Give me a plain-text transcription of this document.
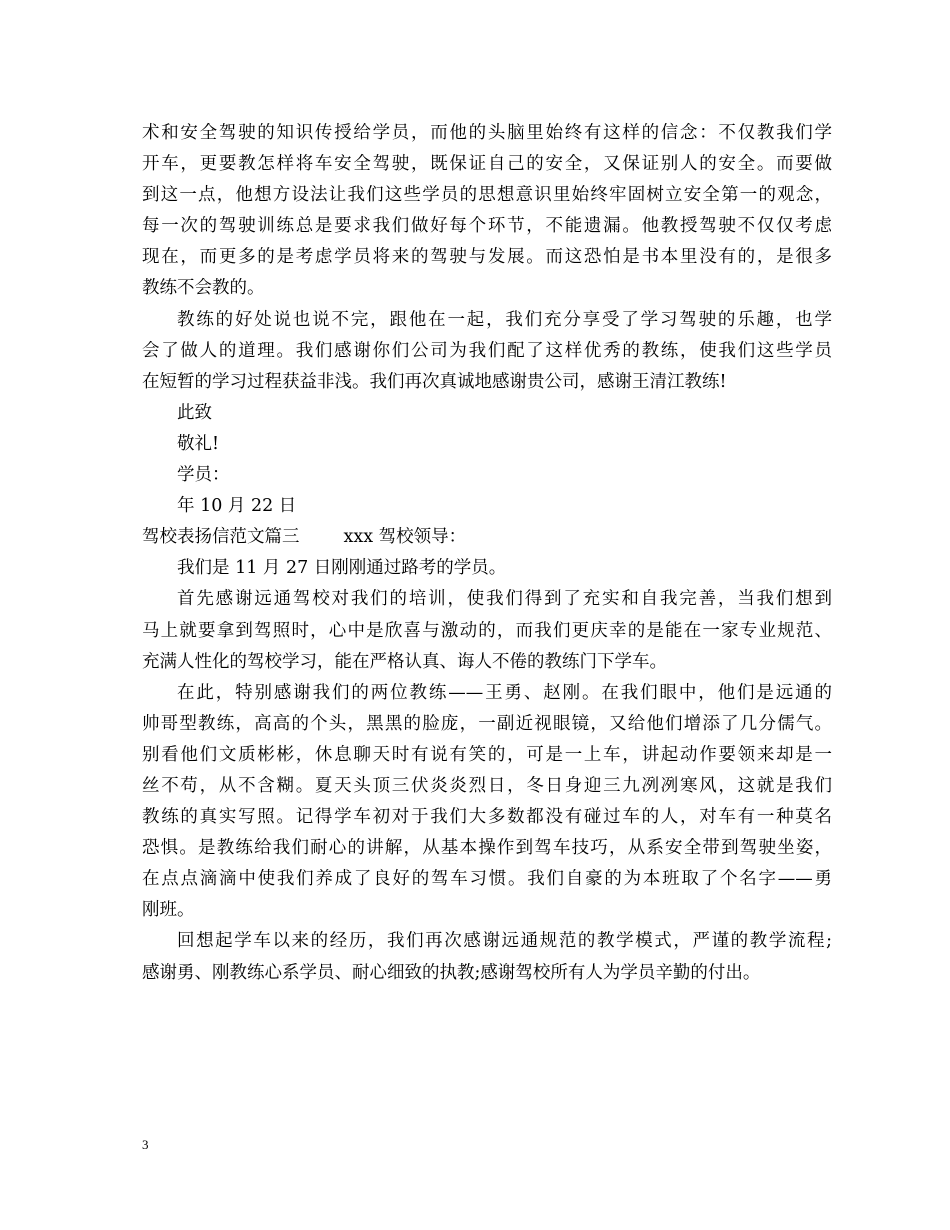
术和安全驾驶的知识传授给学员，而他的头脑里始终有这样的信念：不仅教我们学
开车，更要教怎样将车安全驾驶，既保证自己的安全，又保证别人的安全。而要做
到这一点，他想方设法让我们这些学员的思想意识里始终牢固树立安全第一的观念，
每一次的驾驶训练总是要求我们做好每个环节，不能遗漏。他教授驾驶不仅仅考虑
现在，而更多的是考虑学员将来的驾驶与发展。而这恐怕是书本里没有的，是很多
教练不会教的。
教练的好处说也说不完，跟他在一起，我们充分享受了学习驾驶的乐趣，也学
会了做人的道理。我们感谢你们公司为我们配了这样优秀的教练，使我们这些学员
在短暂的学习过程获益非浅。我们再次真诚地感谢贵公司，感谢王清江教练!
此致
敬礼!
学员：
年 10 月 22 日
驾校表扬信范文篇三	xxx 驾校领导：
我们是 11 月 27 日刚刚通过路考的学员。
首先感谢远通驾校对我们的培训，使我们得到了充实和自我完善，当我们想到
马上就要拿到驾照时，心中是欣喜与激动的，而我们更庆幸的是能在一家专业规范、
充满人性化的驾校学习，能在严格认真、诲人不倦的教练门下学车。
在此，特别感谢我们的两位教练——王勇、赵刚。在我们眼中，他们是远通的
帅哥型教练，高高的个头，黑黑的脸庞，一副近视眼镜，又给他们增添了几分儒气。
别看他们文质彬彬，休息聊天时有说有笑的，可是一上车，讲起动作要领来却是一
丝不苟，从不含糊。夏天头顶三伏炎炎烈日，冬日身迎三九冽冽寒风，这就是我们
教练的真实写照。记得学车初对于我们大多数都没有碰过车的人，对车有一种莫名
恐惧。是教练给我们耐心的讲解，从基本操作到驾车技巧，从系安全带到驾驶坐姿，
在点点滴滴中使我们养成了良好的驾车习惯。我们自豪的为本班取了个名字——勇
刚班。
回想起学车以来的经历，我们再次感谢远通规范的教学模式，严谨的教学流程;
感谢勇、刚教练心系学员、耐心细致的执教;感谢驾校所有人为学员辛勤的付出。
3
